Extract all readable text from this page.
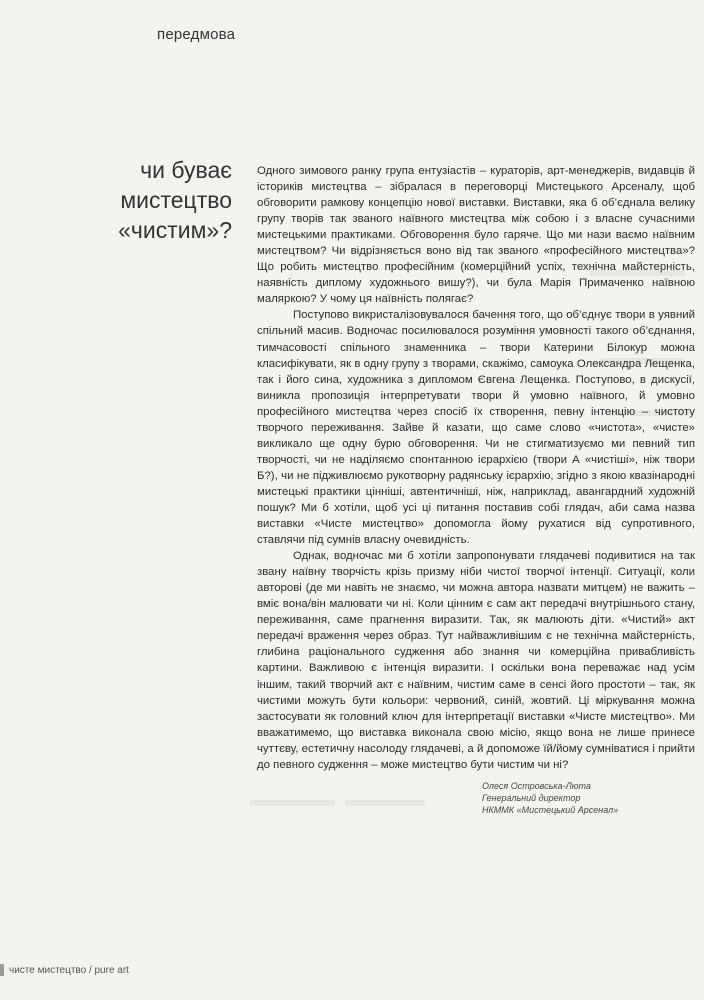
передмова
чи буває мистецтво «чистим»?

Одного зимового ранку група ентузіастів – кураторів, арт-менеджерів, видавців й історикiв мистецтва – зібралася в переговорці Мистецького Арсеналу, щоб обговорити рамкову концепцію нової виставки. Виставки, яка б об’єднала велику групу творів так званого наївного мистецтва між собою і з власне сучасними мистецькими практиками. Обговорення було гаряче. Що ми нази ваємо наївним мистецтвом? Чи відрізняється воно від так званого «професійного мистецтва»? Що робить мистецтво професійним (комерційний успіх, технічна майстерність, наявність диплому художнього вишу?), чи була Марія Примаченко наївною маляркою? У чому ця наївність полягає?

Поступово викристалізовувалося бачення того, що об’єднує твори в уявний спільний масив. Водночас посилювалося розуміння умовності такого об’єднання, тимчасовості спільного знаменника – твори Катерини Білокур можна класифікувати, як в одну групу з творами, скажімо, самоука Олександра Лещенка, так і його сина, художника з дипломом Євгена Лещенка. Поступово, в дискусії, виникла пропозиція інтерпретувати твори й умовно наївного, й умовно професійного мистецтва через спосіб їх створення, певну інтенцію – чистоту творчого переживання. Зайве й казати, що саме слово «чистота», «чисте» викликало ще одну бурю обговорення. Чи не стигматизуємо ми певний тип творчості, чи не наділяємо спонтанною ієрархією (твори А «чистіші», ніж твори Б?), чи не підживлюємо рукотворну радянську ієрархію, згідно з якою квазінародні мистецькі практики цінніші, автентичніші, ніж, наприклад, авангардний художній пошук? Ми б хотіли, щоб усі ці питання поставив собі глядач, аби сама назва виставки «Чисте мистецтво» допомогла йому рухатися від супротивного, ставлячи під сумнів власну очевидність.

Однак, водночас ми б хотіли запропонувати глядачеві подивитися на так звану наївну творчість крізь призму ніби чистої творчої інтенції. Ситуації, коли авторові (де ми навіть не знаємо, чи можна автора назвати митцем) не важить – вміє вона/він малювати чи ні. Коли цінним є сам акт передачі внутрішнього стану, переживання, саме прагнення виразити. Так, як малюють діти. «Чистий» акт передачі враження через образ. Тут найважливішим є не технічна майстерність, глибина раціонального судження або знання чи комерційна привабливість картини. Важливою є інтенція виразити. І оскільки вона переважає над усім іншим, такий творчий акт є наївним, чистим саме в сенсі його простоти – так, як чистими можуть бути кольори: червоний, синій, жовтий. Ці міркування можна застосувати як головний ключ для інтерпретації виставки «Чисте мистецтво». Ми вважатимемо, що виставка виконала свою місію, якщо вона не лише принесе чуттєву, естетичну насолоду глядачеві, а й допоможе їй/йому сумніватися і прийти до певного судження – може мистецтво бути чистим чи ні?

Олеся Островська-Люта
Генеральний директор
НКММК «Мистецький Арсенал»
чисте мистецтво / pure art
